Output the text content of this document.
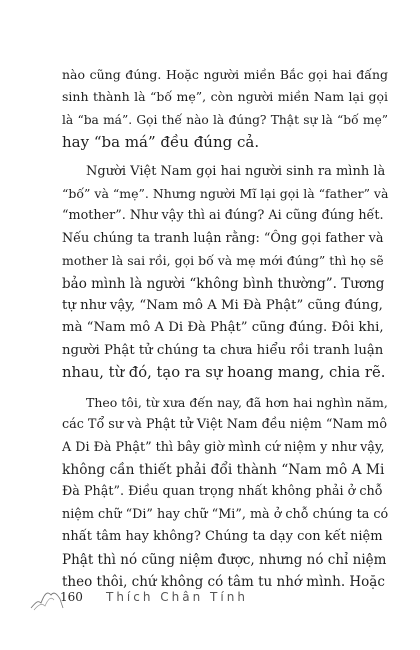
nào cũng đúng. Hoặc người miền Bắc gọi hai đấng
sinh thành là “bố mẹ”, còn người miền Nam lại gọi
là “ba má”. Gọi thế nào là đúng? Thật sự là “bố mẹ”
hay “ba má” đều đúng cả.
Người Việt Nam gọi hai người sinh ra mình là
“bố” và “mẹ”. Nhưng người Mĩ lại gọi là “father” và
“mother”. Như vậy thì ai đúng? Ai cũng đúng hết.
Nếu chúng ta tranh luận rằng: “Ông gọi father và
mother là sai rồi, gọi bố và mẹ mới đúng” thì họ sẽ
bảo mình là người “không bình thường”. Tương
tự như vậy, “Nam mô A Mi Đà Phật” cũng đúng,
mà “Nam mô A Di Đà Phật” cũng đúng. Đôi khi,
người Phật tử chúng ta chưa hiểu rồi tranh luận
nhau, từ đó, tạo ra sự hoang mang, chia rẽ.
Theo tôi, từ xưa đến nay, đã hơn hai nghìn năm,
các Tổ sư và Phật tử Việt Nam đều niệm “Nam mô
A Di Đà Phật” thì bây giờ mình cứ niệm y như vậy,
không cần thiết phải đổi thành “Nam mô A Mi
Đà Phật”. Điều quan trọng nhất không phải ở chỗ
niệm chữ “Di” hay chữ “Mi”, mà ở chỗ chúng ta có
nhất tâm hay không? Chúng ta dạy con kết niệm
Phật thì nó cũng niệm được, nhưng nó chỉ niệm
theo thôi, chứ không có tâm tu nhớ mình. Hoặc
160 Thích Chân Tính
